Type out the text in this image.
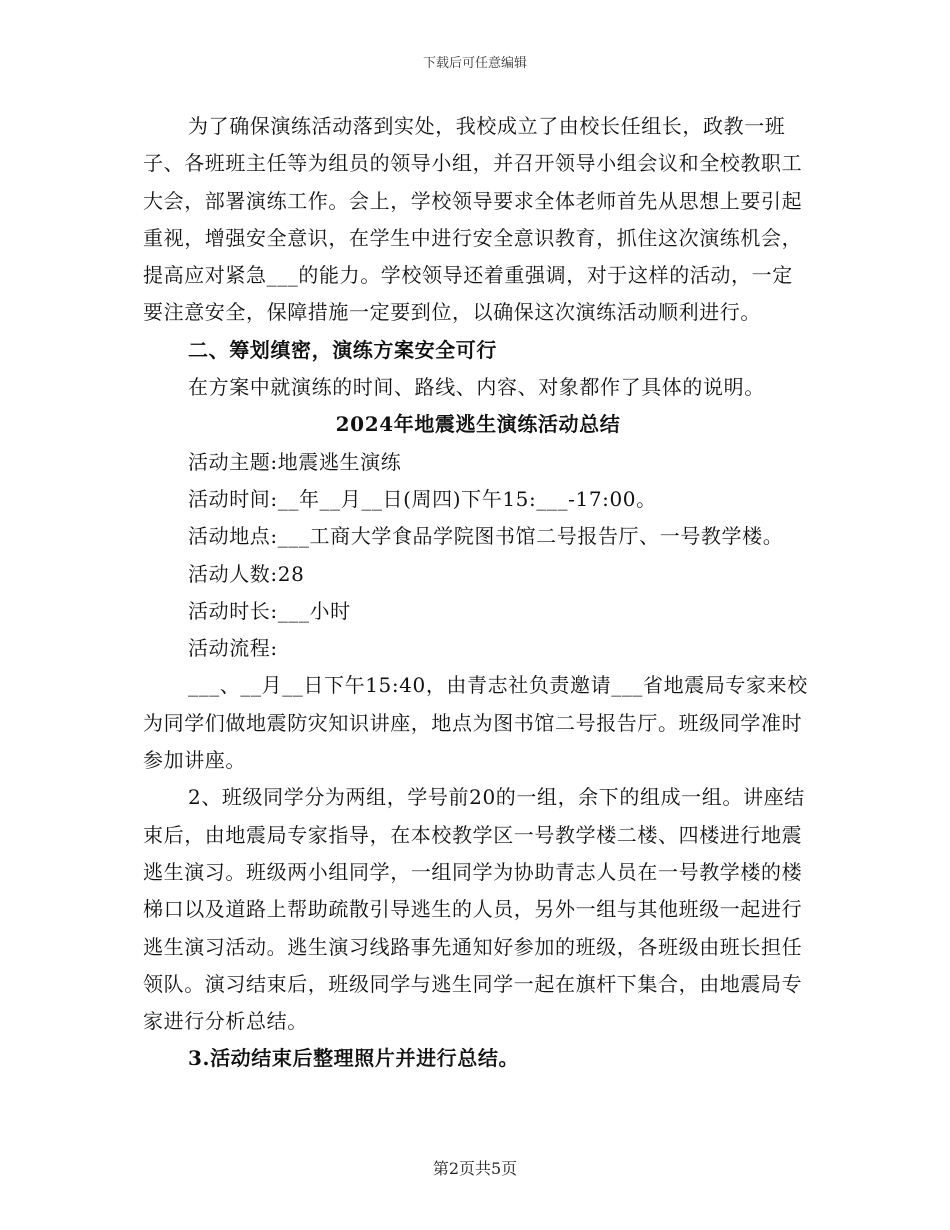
下载后可任意编辑

为了确保演练活动落到实处，我校成立了由校长任组长，政教一班子、各班班主任等为组员的领导小组，并召开领导小组会议和全校教职工大会，部署演练工作。会上，学校领导要求全体老师首先从思想上要引起重视，增强安全意识，在学生中进行安全意识教育，抓住这次演练机会，提高应对紧急___的能力。学校领导还着重强调，对于这样的活动，一定要注意安全，保障措施一定要到位，以确保这次演练活动顺利进行。

二、筹划缜密，演练方案安全可行

在方案中就演练的时间、路线、内容、对象都作了具体的说明。

2024年地震逃生演练活动总结

活动主题:地震逃生演练

活动时间:__年__月__日(周四)下午15:___-17:00。

活动地点:___工商大学食品学院图书馆二号报告厅、一号教学楼。

活动人数:28

活动时长:___小时

活动流程:

___、__月__日下午15:40，由青志社负责邀请___省地震局专家来校为同学们做地震防灾知识讲座，地点为图书馆二号报告厅。班级同学准时参加讲座。

2、班级同学分为两组，学号前20的一组，余下的组成一组。讲座结束后，由地震局专家指导，在本校教学区一号教学楼二楼、四楼进行地震逃生演习。班级两小组同学，一组同学为协助青志人员在一号教学楼的楼梯口以及道路上帮助疏散引导逃生的人员，另外一组与其他班级一起进行逃生演习活动。逃生演习线路事先通知好参加的班级，各班级由班长担任领队。演习结束后，班级同学与逃生同学一起在旗杆下集合，由地震局专家进行分析总结。

3.活动结束后整理照片并进行总结。

第2页共5页
